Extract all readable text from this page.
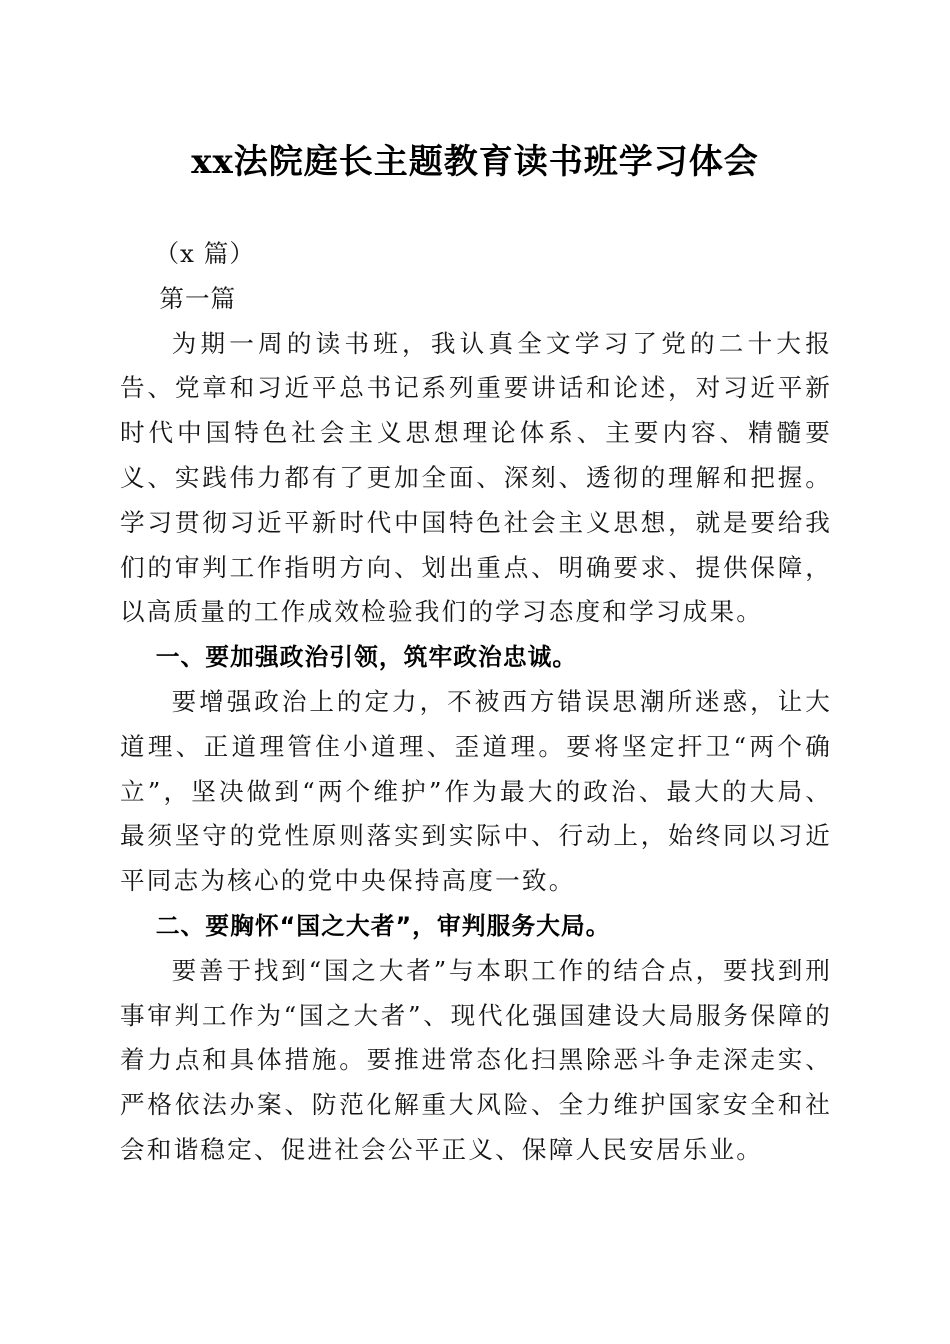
xx法院庭长主题教育读书班学习体会

（x 篇）

第一篇

为期一周的读书班，我认真全文学习了党的二十大报告、党章和习近平总书记系列重要讲话和论述，对习近平新时代中国特色社会主义思想理论体系、主要内容、精髓要义、实践伟力都有了更加全面、深刻、透彻的理解和把握。学习贯彻习近平新时代中国特色社会主义思想，就是要给我们的审判工作指明方向、划出重点、明确要求、提供保障，以高质量的工作成效检验我们的学习态度和学习成果。

一、要加强政治引领，筑牢政治忠诚。

要增强政治上的定力，不被西方错误思潮所迷惑，让大道理、正道理管住小道理、歪道理。要将坚定扞卫“两个确立”，坚决做到“两个维护”作为最大的政治、最大的大局、最须坚守的党性原则落实到实际中、行动上，始终同以习近平同志为核心的党中央保持高度一致。

二、要胸怀“国之大者”，审判服务大局。

要善于找到“国之大者”与本职工作的结合点，要找到刑事审判工作为“国之大者”、现代化强国建设大局服务保障的着力点和具体措施。要推进常态化扫黑除恶斗争走深走实、严格依法办案、防范化解重大风险、全力维护国家安全和社会和谐稳定、促进社会公平正义、保障人民安居乐业。
